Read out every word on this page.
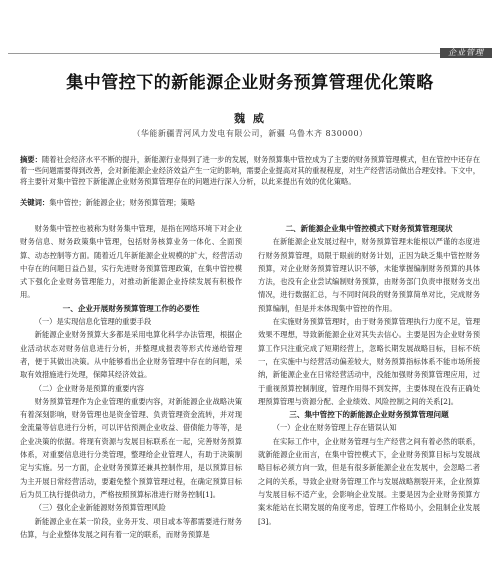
企业管理
集中管控下的新能源企业财务预算管理优化策略
魏 威
（华能新疆青河风力发电有限公司，新疆 乌鲁木齐 830000）
摘要：随着社会经济水平不断的提升，新能源行业得到了进一步的发展，财务预算集中管控成为了主要的财务预算管理模式，但在管控中还存在着一些问题需要得到改善，会对新能源企业经济效益产生一定的影响，需要企业提高对其的重视程度，对生产经营活动做出合理安排。下文中，将主要针对集中管控下新能源企业财务预算管理存在的问题进行深入分析，以此来提出有效的优化策略。
关键词：集中管控；新能源企业；财务预算管理；策略

财务集中管控也被称为财务集中管理，是指在网络环境下对企业财务信息、财务政策集中管理，包括财务核算业务一体化、全面预算、动态控制等方面。随着近几年新能源企业规模的扩大，经营活动中存在的问题日益凸显，实行先进财务预算管理政策，在集中管控模式下强化企业财务管理能力，对推动新能源企业持续发展有积极作用。

一、企业开展财务预算管理工作的必要性
（一）是实现信息化管理的重要手段

新能源企业财务预算大多都是采用电算化科学办法管理，根据企业活动状态对财务信息进行分析，并整理成报表等形式传递给管理者，便于其做出决策。从中能够看出企业财务管理中存在的问题，采取有效措施进行处理，保障其经济效益。

（二）企业财务是预算的重要内容

财务预算管理作为企业管理的重要内容，对新能源企业战略决策有着深刻影响，财务管理也是资金管理、负责管理资金流转，并对现金流量等信息进行分析，可以评估预测企业收益、借债能力等等，是企业决策的依据。将现有资源与发展目标联系在一起，完善财务预算体系，对重要信息进行分类管理，整理给企业管理人，有助于决策制定与实施。另一方面，企业财务预算还兼具控制作用，是以预算目标为主开展日常经营活动，要避免整个预算管理过程，在确定预算目标后为员工执行提供动力，严格按照预算标准进行财务控制[1]。

（三）强化企业新能源财务预算管理风险

新能源企业在某一阶段，业务开发、项目或本等都需要进行财务估算，与企业整体发展之间有着一定的联系，而财务预算是

二、新能源企业集中管控模式下财务预算管理现状

在新能源企业发展过程中，财务预算管理未能根以严谨的态度进行财务预算管理，局限于眼前的财务计划，正因为缺乏集中管控财务预算，对企业财务预算管理认识不够，未能掌握编制财务预算的具体方法，也没有企业尝试编制财务预算，由财务部门负责申报财务支出情况，进行数据汇总，与不同时间段的财务预算简单对比，完成财务预算编制，但是并未体现集中管控的作用。

在实施财务预算管理时，由于财务预算管理执行力度不足，管理效果不理想，导致新能源企业对其失去信心。主要是因为企业财务预算工作只注重完成了短期经营上，忽略长期发展战略目标，目标不统一，在实施中与经营活动偏差较大，财务预算指标体系不能市场所接纳，新能源企业在日常经营活动中，没能加强财务预算管理应用，过于重视预算控制制度，管理作用得不到发挥，主要体现在没有正确处理预算管理与资源分配、企业绩效、风险控制之间的关系[2]。

三、集中管控下的新能源企业财务预算管理问题
（一）企业在财务管理上存在错误认知

在实际工作中，企业财务管理与生产经营之间有着必然的联系，就新能源企业而言，在集中管控模式下，企业财务预算目标与发展战略目标必须方向一致，但是有很多新能源企业在发展中，会忽略二者之间的关系，导致企业财务管理工作与发展战略割裂开来，企业预算与发展目标不适产业，会影响企业发展。主要是因为企业财务预算方案未能站在长期发展的角度考虑，管理工作格局小，会阻制企业发展[3]。
